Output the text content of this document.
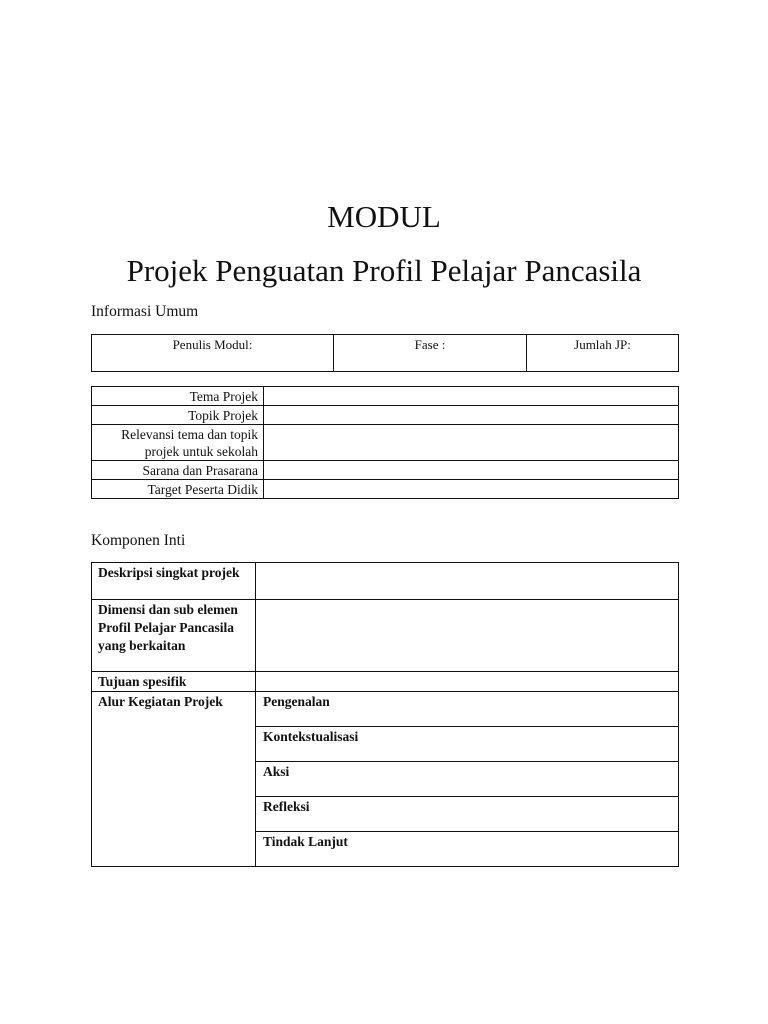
MODUL
Projek Penguatan Profil Pelajar Pancasila
Informasi Umum
Penulis Modul:	Fase :	Jumlah JP:
Tema Projek	
Topik Projek	
Relevansi tema dan topik projek untuk sekolah	
Sarana dan Prasarana	
Target Peserta Didik	
Komponen Inti
Deskripsi singkat projek	
Dimensi dan sub elemen Profil Pelajar Pancasila yang berkaitan	
Tujuan spesifik	
Alur Kegiatan Projek	Pengenalan
	Kontekstualisasi
	Aksi
	Refleksi
	Tindak Lanjut
